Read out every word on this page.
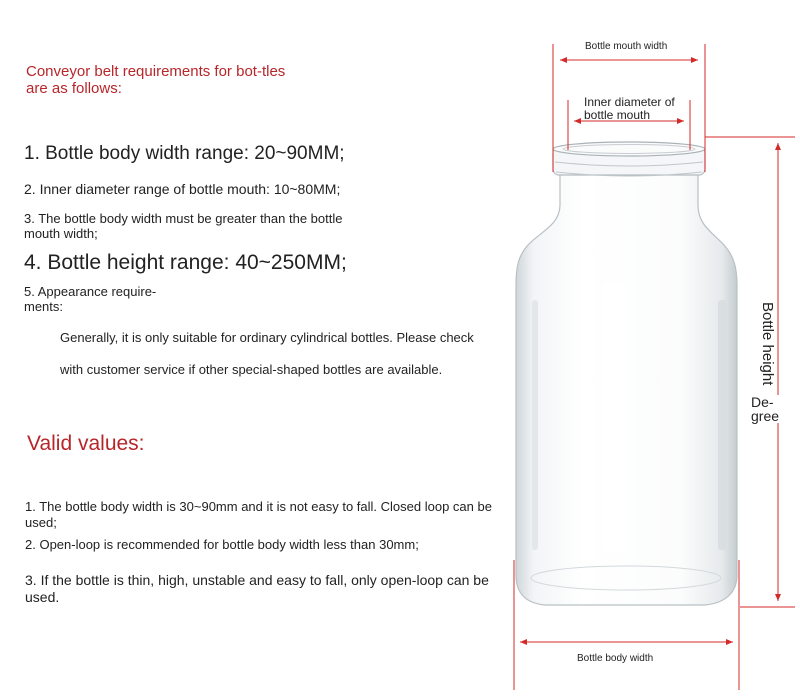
Conveyor belt requirements for bot-tles are as follows:
1. Bottle body width range: 20~90MM;
2. Inner diameter range of bottle mouth: 10~80MM;
3. The bottle body width must be greater than the bottle mouth width;
4. Bottle height range: 40~250MM;
5. Appearance require-ments:
Generally, it is only suitable for ordinary cylindrical bottles. Please check
with customer service if other special-shaped bottles are available.
Valid values:
1. The bottle body width is 30~90mm and it is not easy to fall. Closed loop can be used;
2. Open-loop is recommended for bottle body width less than 30mm;
3. If the bottle is thin, high, unstable and easy to fall, only open-loop can be used.
Bottle mouth width
Inner diameter of bottle mouth
Bottle body width
Bottle height
De-gree
